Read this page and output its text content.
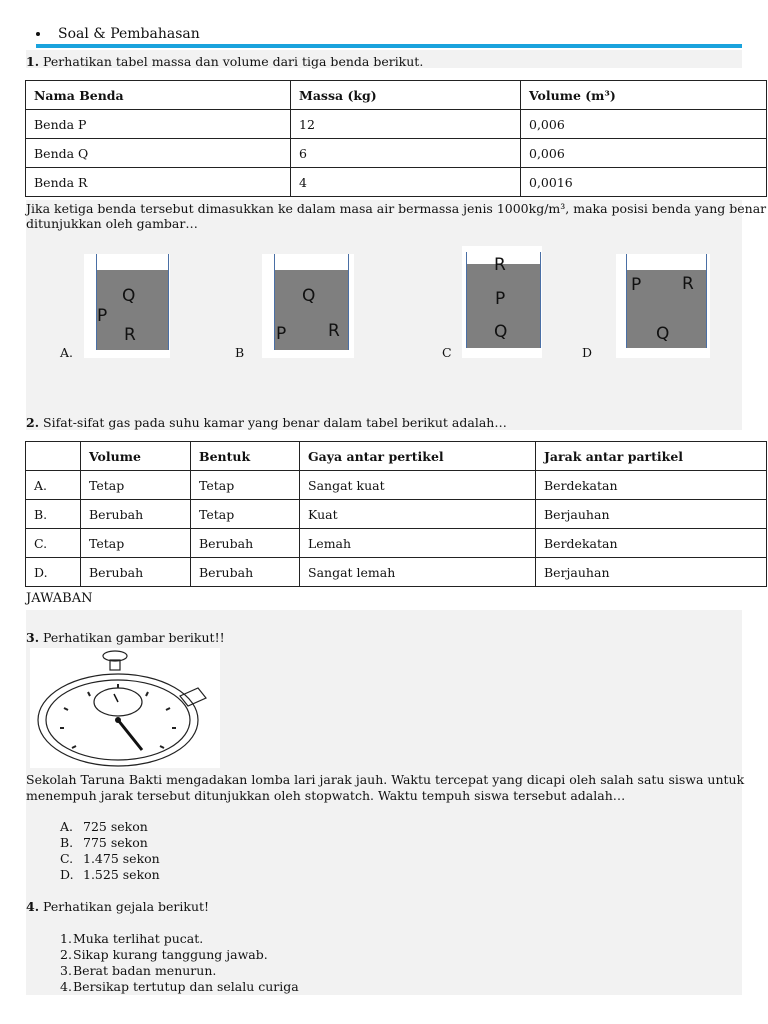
Soal & Pembahasan
1. Perhatikan tabel massa dan volume dari tiga benda berikut.
Nama Benda	Massa (kg)	Volume (m³)
Benda P	12	0,006
Benda Q	6	0,006
Benda R	4	0,0016
Jika ketiga benda tersebut dimasukkan ke dalam masa air bermassa jenis 1000kg/m³, maka posisi benda yang benar
ditunjukkan oleh gambar…
Q
P
R
A.
Q
P R
B
R
P
Q
C
P R
Q
D
2. Sifat-sifat gas pada suhu kamar yang benar dalam tabel berikut adalah…
	Volume	Bentuk	Gaya antar pertikel	Jarak antar partikel
A.	Tetap	Tetap	Sangat kuat	Berdekatan
B.	Berubah	Tetap	Kuat	Berjauhan
C.	Tetap	Berubah	Lemah	Berdekatan
D.	Berubah	Berubah	Sangat lemah	Berjauhan
JAWABAN
3. Perhatikan gambar berikut!!
Sekolah Taruna Bakti mengadakan lomba lari jarak jauh. Waktu tercepat yang dicapi oleh salah satu siswa untuk
menempuh jarak tersebut ditunjukkan oleh stopwatch. Waktu tempuh siswa tersebut adalah…
A. 725 sekon
B. 775 sekon
C. 1.475 sekon
D. 1.525 sekon
4. Perhatikan gejala berikut!
1.Muka terlihat pucat.
2.Sikap kurang tanggung jawab.
3.Berat badan menurun.
4.Bersikap tertutup dan selalu curiga
